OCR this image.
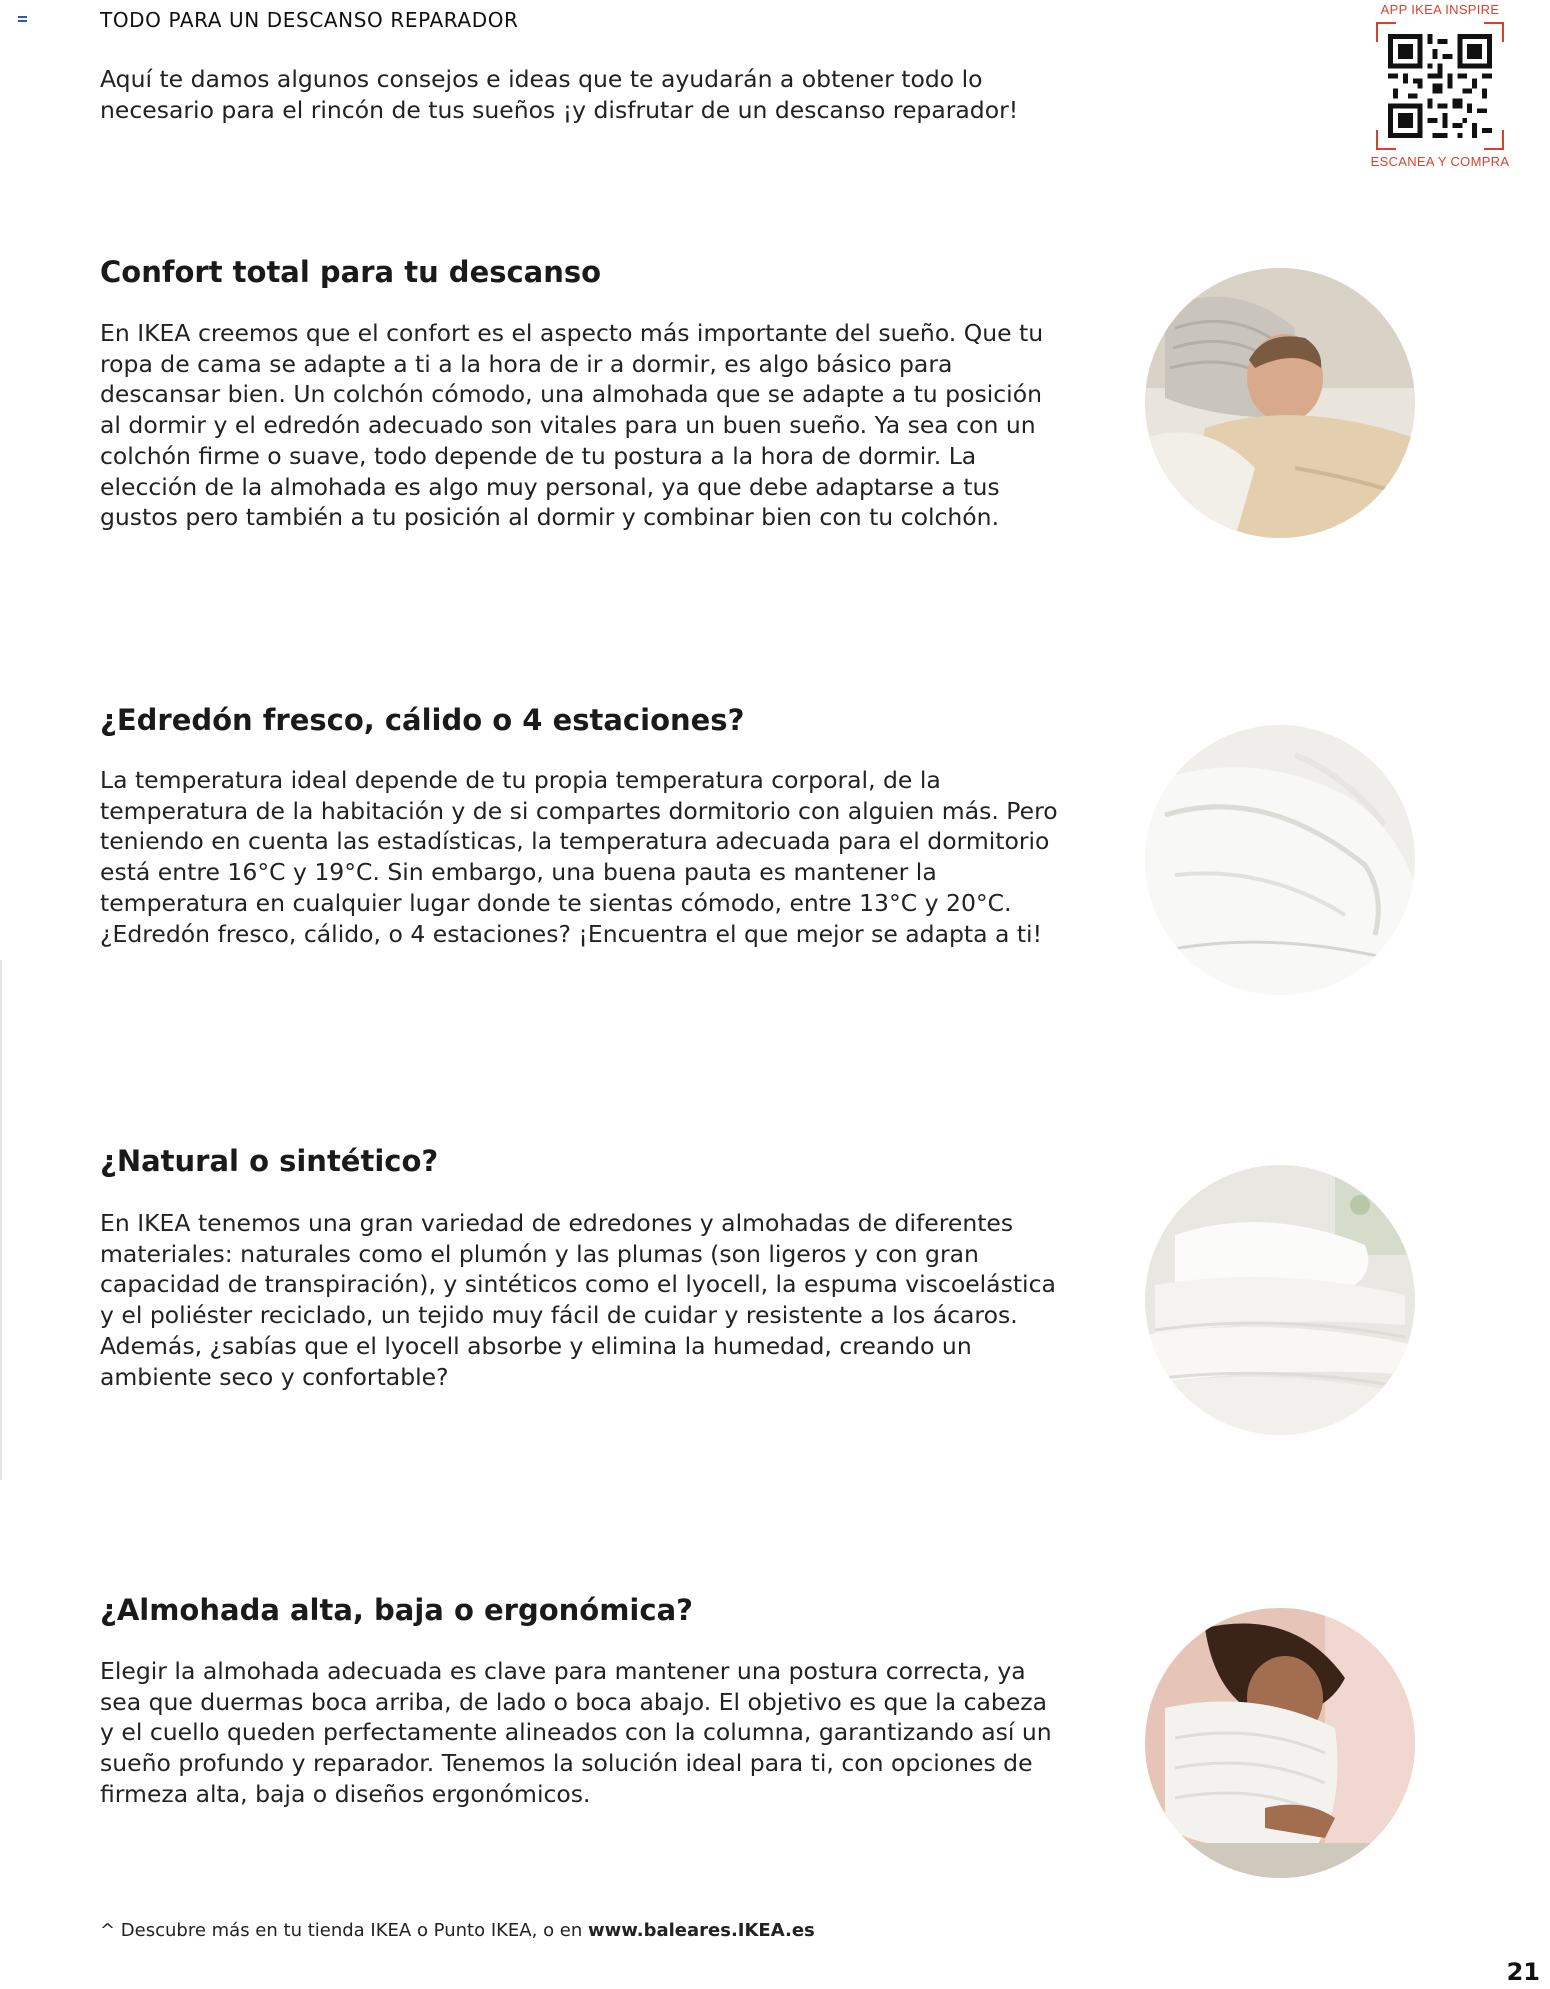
TODO PARA UN DESCANSO REPARADOR

Aquí te damos algunos consejos e ideas que te ayudarán a obtener todo lo necesario para el rincón de tus sueños ¡y disfrutar de un descanso reparador!

APP IKEA INSPIRE
ESCANEA Y COMPRA
Confort total para tu descanso

En IKEA creemos que el confort es el aspecto más importante del sueño. Que tu ropa de cama se adapte a ti a la hora de ir a dormir, es algo básico para descansar bien. Un colchón cómodo, una almohada que se adapte a tu posición al dormir y el edredón adecuado son vitales para un buen sueño. Ya sea con un colchón firme o suave, todo depende de tu postura a la hora de dormir. La elección de la almohada es algo muy personal, ya que debe adaptarse a tus gustos pero también a tu posición al dormir y combinar bien con tu colchón.

¿Edredón fresco, cálido o 4 estaciones?

La temperatura ideal depende de tu propia temperatura corporal, de la temperatura de la habitación y de si compartes dormitorio con alguien más. Pero teniendo en cuenta las estadísticas, la temperatura adecuada para el dormitorio está entre 16°C y 19°C. Sin embargo, una buena pauta es mantener la temperatura en cualquier lugar donde te sientas cómodo, entre 13°C y 20°C. ¿Edredón fresco, cálido, o 4 estaciones? ¡Encuentra el que mejor se adapta a ti!

¿Natural o sintético?

En IKEA tenemos una gran variedad de edredones y almohadas de diferentes materiales: naturales como el plumón y las plumas (son ligeros y con gran capacidad de transpiración), y sintéticos como el lyocell, la espuma viscoelástica y el poliéster reciclado, un tejido muy fácil de cuidar y resistente a los ácaros. Además, ¿sabías que el lyocell absorbe y elimina la humedad, creando un ambiente seco y confortable?

¿Almohada alta, baja o ergonómica?

Elegir la almohada adecuada es clave para mantener una postura correcta, ya sea que duermas boca arriba, de lado o boca abajo. El objetivo es que la cabeza y el cuello queden perfectamente alineados con la columna, garantizando así un sueño profundo y reparador. Tenemos la solución ideal para ti, con opciones de firmeza alta, baja o diseños ergonómicos.

^ Descubre más en tu tienda IKEA o Punto IKEA, o en www.baleares.IKEA.es

21
